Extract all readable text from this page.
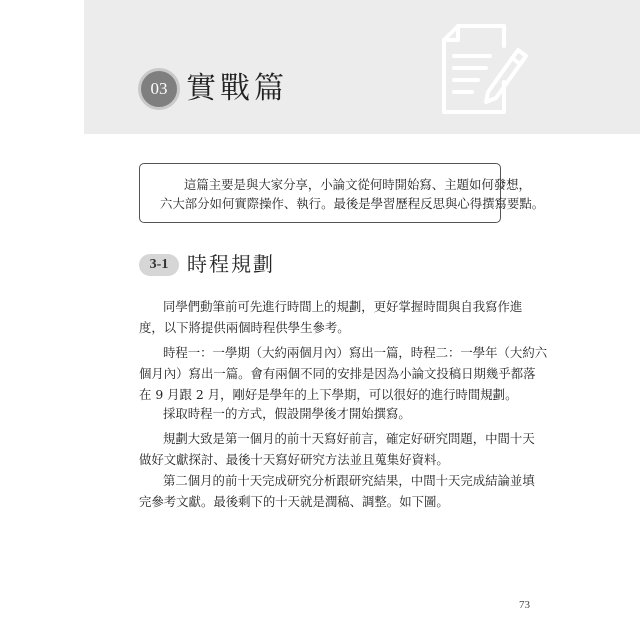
03 實戰篇
這篇主要是與大家分享，小論文從何時開始寫、主題如何發想，
六大部分如何實際操作、執行。最後是學習歷程反思與心得撰寫要點。
3-1 時程規劃
同學們動筆前可先進行時間上的規劃，更好掌握時間與自我寫作進
度，以下將提供兩個時程供學生參考。
時程一：一學期（大約兩個月內）寫出一篇，時程二：一學年（大約六
個月內）寫出一篇。會有兩個不同的安排是因為小論文投稿日期幾乎都落
在 9 月跟 2 月，剛好是學年的上下學期，可以很好的進行時間規劃。
採取時程一的方式，假設開學後才開始撰寫。
規劃大致是第一個月的前十天寫好前言，確定好研究問題，中間十天
做好文獻探討、最後十天寫好研究方法並且蒐集好資料。
第二個月的前十天完成研究分析跟研究結果，中間十天完成結論並填
完參考文獻。最後剩下的十天就是潤稿、調整。如下圖。
73
